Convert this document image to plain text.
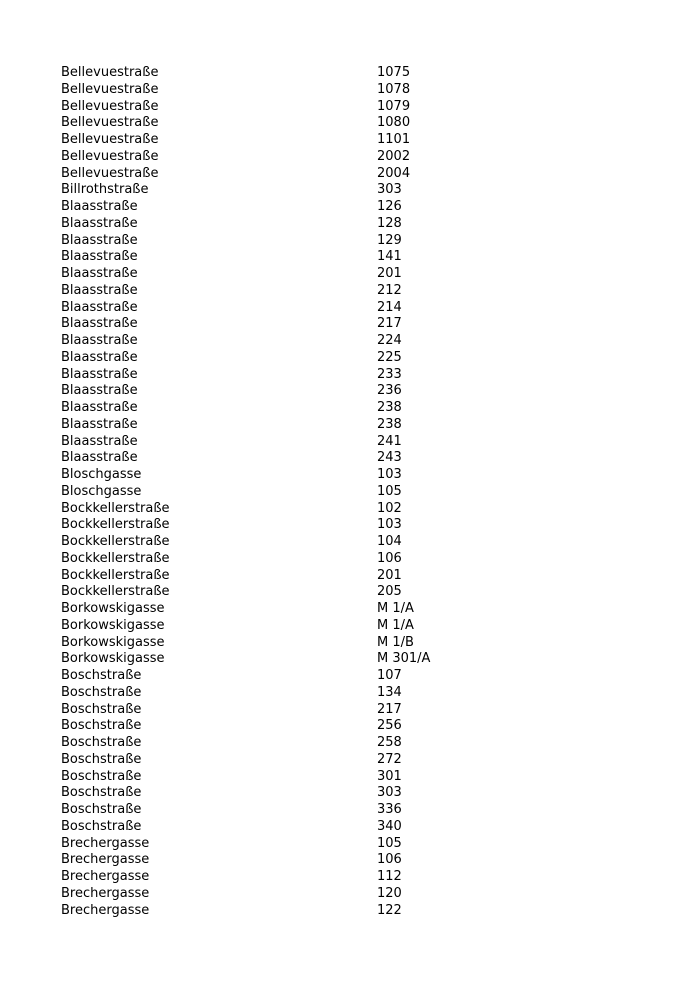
Bellevuestraße	1075
Bellevuestraße	1078
Bellevuestraße	1079
Bellevuestraße	1080
Bellevuestraße	1101
Bellevuestraße	2002
Bellevuestraße	2004
Billrothstraße	303
Blaasstraße	126
Blaasstraße	128
Blaasstraße	129
Blaasstraße	141
Blaasstraße	201
Blaasstraße	212
Blaasstraße	214
Blaasstraße	217
Blaasstraße	224
Blaasstraße	225
Blaasstraße	233
Blaasstraße	236
Blaasstraße	238
Blaasstraße	238
Blaasstraße	241
Blaasstraße	243
Bloschgasse	103
Bloschgasse	105
Bockkellerstraße	102
Bockkellerstraße	103
Bockkellerstraße	104
Bockkellerstraße	106
Bockkellerstraße	201
Bockkellerstraße	205
Borkowskigasse	M 1/A
Borkowskigasse	M 1/A
Borkowskigasse	M 1/B
Borkowskigasse	M 301/A
Boschstraße	107
Boschstraße	134
Boschstraße	217
Boschstraße	256
Boschstraße	258
Boschstraße	272
Boschstraße	301
Boschstraße	303
Boschstraße	336
Boschstraße	340
Brechergasse	105
Brechergasse	106
Brechergasse	112
Brechergasse	120
Brechergasse	122
